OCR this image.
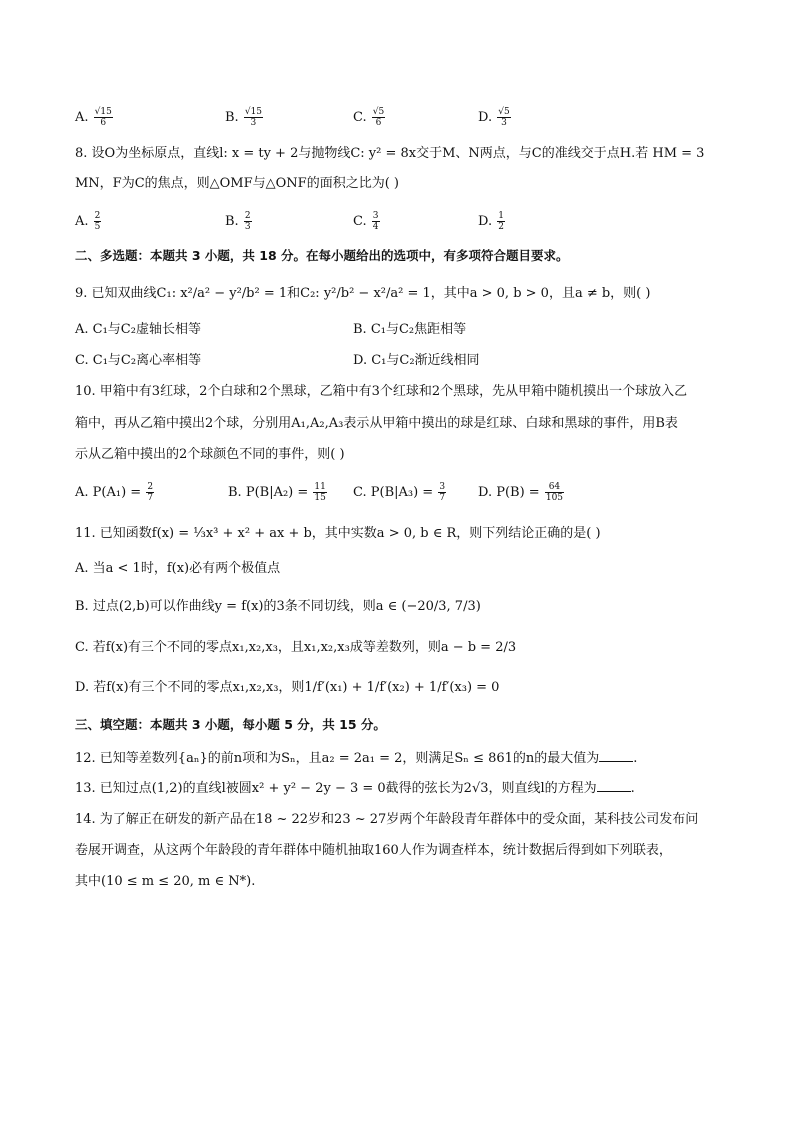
A. $\frac{√15}{6}$	B. $\frac{√15}{3}$	C. $\frac{√5}{6}$	D. $\frac{√5}{3}$
8. 设O为坐标原点，直线l: x = ty + 2与抛物线C: y² = 8x交于M、N两点，与C的准线交于点H.若 HM = 3
MN，F为C的焦点，则△OMF与△ONF的面积之比为( )
A. $\frac{2}{5}$	B. $\frac{2}{3}$	C. $\frac{3}{4}$	D. $\frac{1}{2}$
二、多选题：本题共 3 小题，共 18 分。在每小题给出的选项中，有多项符合题目要求。
9. 已知双曲线C₁: x²/a² − y²/b² = 1和C₂: y²/b² − x²/a² = 1，其中a > 0, b > 0，且a ≠ b，则( )
A. C₁与C₂虚轴长相等	B. C₁与C₂焦距相等
C. C₁与C₂离心率相等	D. C₁与C₂渐近线相同
10. 甲箱中有3红球，2个白球和2个黑球，乙箱中有3个红球和2个黑球，先从甲箱中随机摸出一个球放入乙
箱中，再从乙箱中摸出2个球，分别用A₁,A₂,A₃表示从甲箱中摸出的球是红球、白球和黑球的事件，用B表
示从乙箱中摸出的2个球颜色不同的事件，则( )
A. $P(A_1) = \frac{2}{7}$	B. $P(B|A_2) = \frac{11}{15} C$. $P(B|A_3) = \frac{3}{7} D$. $P(B) = \frac{64}{105}$
11. 已知函数f(x) = ⅓x³ + x² + ax + b，其中实数a > 0, b ∈ R，则下列结论正确的是( )
A. 当a < 1时，f(x)必有两个极值点
B. 过点(2,b)可以作曲线y = f(x)的3条不同切线，则a ∈ (−20/3, 7/3)
C. 若f(x)有三个不同的零点x₁,x₂,x₃，且x₁,x₂,x₃成等差数列，则a − b = 2/3
D. 若f(x)有三个不同的零点x₁,x₂,x₃，则1/f′(x₁) + 1/f′(x₂) + 1/f′(x₃) = 0
三、填空题：本题共 3 小题，每小题 5 分，共 15 分。
12. 已知等差数列{aₙ}的前n项和为Sₙ，且a₂ = 2a₁ = 2，则满足Sₙ ≤ 861的n的最大值为	.
13. 已知过点(1,2)的直线l被圆x² + y² − 2y − 3 = 0截得的弦长为2√3，则直线l的方程为	.
14. 为了解正在研发的新产品在18 ~ 22岁和23 ~ 27岁两个年龄段青年群体中的受众面，某科技公司发布问
卷展开调查，从这两个年龄段的青年群体中随机抽取160人作为调查样本，统计数据后得到如下列联表，
其中(10 ≤ m ≤ 20, m ∈ N*).
